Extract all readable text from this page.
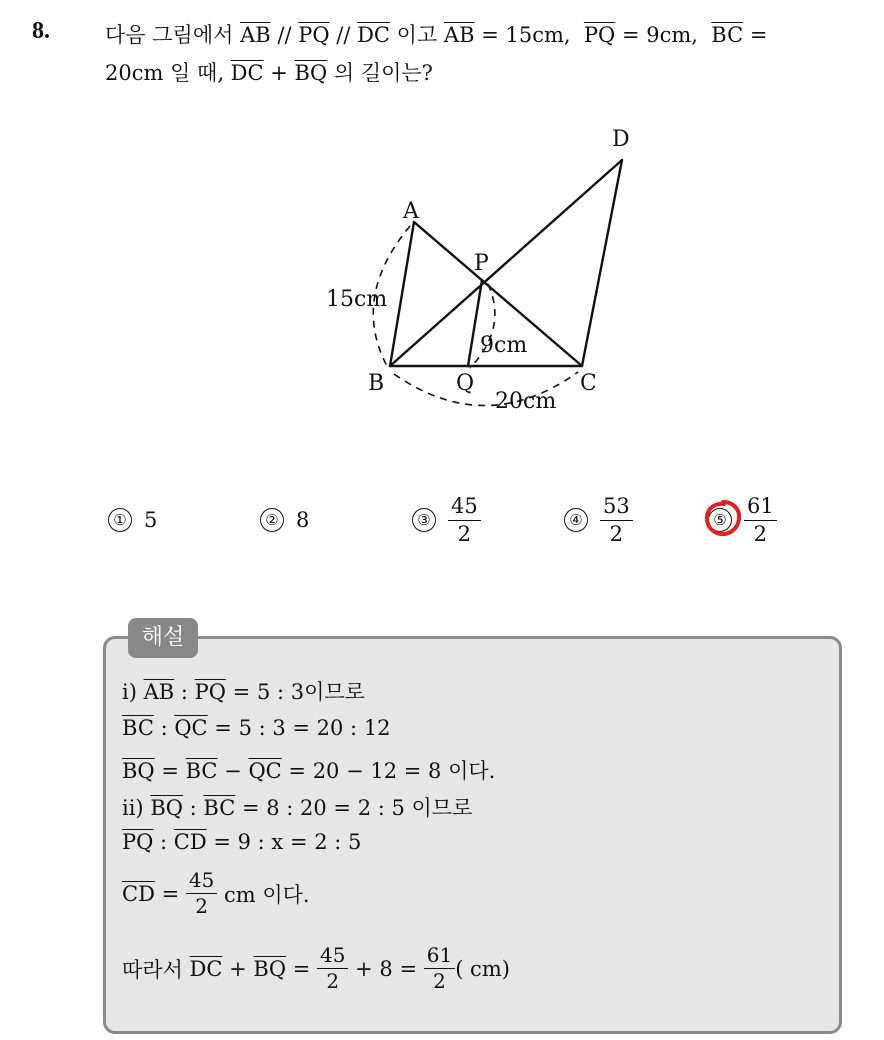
8.	다음 그림에서 $\overline{AB} // \overline{PQ} // \overline{DC}$ 이고 $\overline{AB} = 15cm$,  $\overline{PQ} = 9cm$,  $\overline{BC}$ =
20cm 일 때, $\overline{DC} + \overline{BQ}$ 의 길이는?
A
B	C
D
P
Q
15cm
9cm
20cm
① 5	② 8	③ $\frac{45}{2}$	④ $\frac{53}{2}$	⑤ $\frac{61}{2}$
해설
i) $\overline{AB}$ : $\overline{PQ} = 5$ : 3이므로
$\overline{BC}$ : $\overline{QC} = 5$ : 3 = 20 : 12
$\overline{BQ} = \overline{BC} - \overline{QC} = 20 - 12 = 8$ 이다.
ii) $\overline{BQ}$ : $\overline{BC} = 8$ : 20 = 2 : 5 이므로
$\overline{PQ}$ : $\overline{CD} = 9$ : x = 2 : 5
$\overline{CD} = \frac{45}{2}$ cm 이다.
따라서 $\overline{DC} + \overline{BQ} = \frac{45}{2} + 8 = \frac{61}{2}$ ( cm)
